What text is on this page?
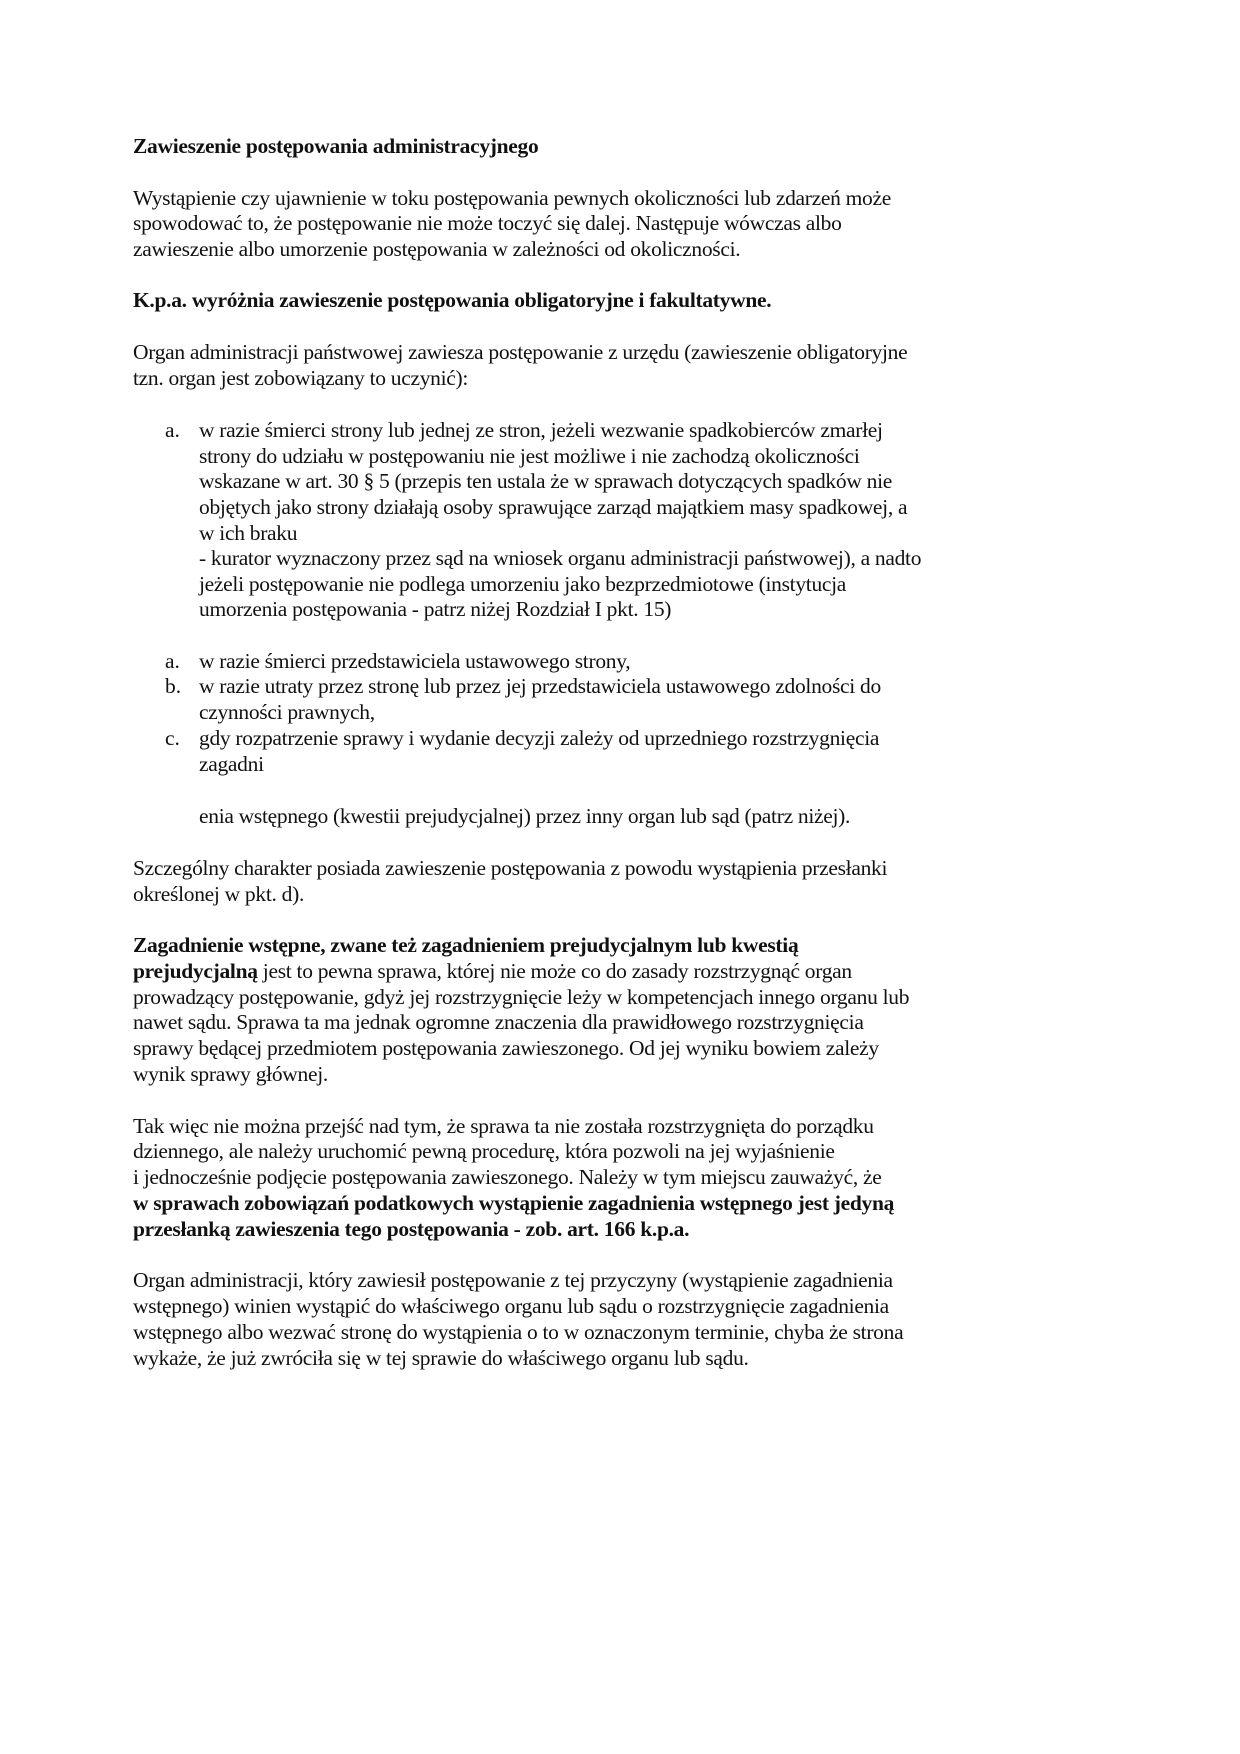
Zawieszenie postępowania administracyjnego
Wystąpienie czy ujawnienie w toku postępowania pewnych okoliczności lub zdarzeń może
spowodować to, że postępowanie nie może toczyć się dalej. Następuje wówczas albo
zawieszenie albo umorzenie postępowania w zależności od okoliczności.
K.p.a. wyróżnia zawieszenie postępowania obligatoryjne i fakultatywne.
Organ administracji państwowej zawiesza postępowanie z urzędu (zawieszenie obligatoryjne
tzn. organ jest zobowiązany to uczynić):
a. w razie śmierci strony lub jednej ze stron, jeżeli wezwanie spadkobierców zmarłej
strony do udziału w postępowaniu nie jest możliwe i nie zachodzą okoliczności
wskazane w art. 30 § 5 (przepis ten ustala że w sprawach dotyczących spadków nie
objętych jako strony działają osoby sprawujące zarząd majątkiem masy spadkowej, a
w ich braku
- kurator wyznaczony przez sąd na wniosek organu administracji państwowej), a nadto
jeżeli postępowanie nie podlega umorzeniu jako bezprzedmiotowe (instytucja
umorzenia postępowania - patrz niżej Rozdział I pkt. 15)
a. w razie śmierci przedstawiciela ustawowego strony,
b. w razie utraty przez stronę lub przez jej przedstawiciela ustawowego zdolności do
czynności prawnych,
c. gdy rozpatrzenie sprawy i wydanie decyzji zależy od uprzedniego rozstrzygnięcia
zagadni
enia wstępnego (kwestii prejudycjalnej) przez inny organ lub sąd (patrz niżej).
Szczególny charakter posiada zawieszenie postępowania z powodu wystąpienia przesłanki
określonej w pkt. d).
Zagadnienie wstępne, zwane też zagadnieniem prejudycjalnym lub kwestią
prejudycjalną jest to pewna sprawa, której nie może co do zasady rozstrzygnąć organ
prowadzący postępowanie, gdyż jej rozstrzygnięcie leży w kompetencjach innego organu lub
nawet sądu. Sprawa ta ma jednak ogromne znaczenia dla prawidłowego rozstrzygnięcia
sprawy będącej przedmiotem postępowania zawieszonego. Od jej wyniku bowiem zależy
wynik sprawy głównej.
Tak więc nie można przejść nad tym, że sprawa ta nie została rozstrzygnięta do porządku
dziennego, ale należy uruchomić pewną procedurę, która pozwoli na jej wyjaśnienie
i jednocześnie podjęcie postępowania zawieszonego. Należy w tym miejscu zauważyć, że
w sprawach zobowiązań podatkowych wystąpienie zagadnienia wstępnego jest jedyną
przesłanką zawieszenia tego postępowania - zob. art. 166 k.p.a.
Organ administracji, który zawiesił postępowanie z tej przyczyny (wystąpienie zagadnienia
wstępnego) winien wystąpić do właściwego organu lub sądu o rozstrzygnięcie zagadnienia
wstępnego albo wezwać stronę do wystąpienia o to w oznaczonym terminie, chyba że strona
wykaże, że już zwróciła się w tej sprawie do właściwego organu lub sądu.
